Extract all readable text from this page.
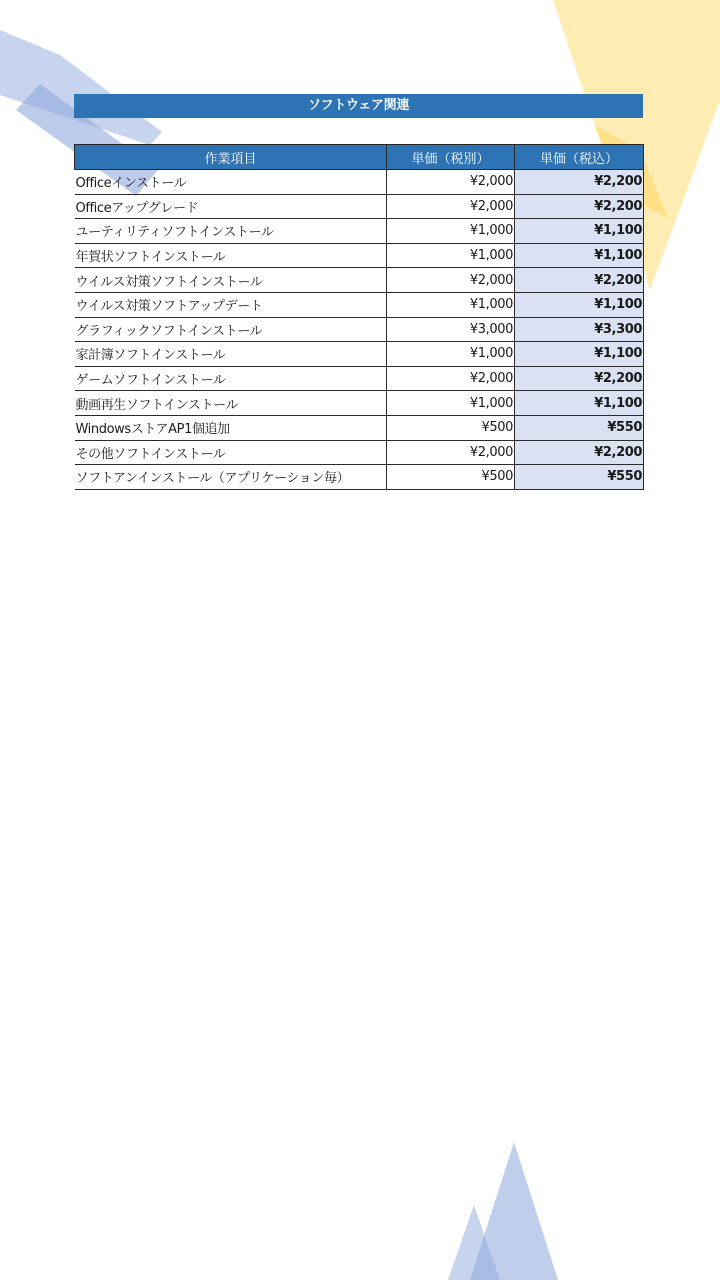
ソフトウェア関連
作業項目	単価（税別）	単価（税込）
Officeインストール	¥2,000	¥2,200
Officeアップグレード	¥2,000	¥2,200
ユーティリティソフトインストール	¥1,000	¥1,100
年賀状ソフトインストール	¥1,000	¥1,100
ウイルス対策ソフトインストール	¥2,000	¥2,200
ウイルス対策ソフトアップデート	¥1,000	¥1,100
グラフィックソフトインストール	¥3,000	¥3,300
家計簿ソフトインストール	¥1,000	¥1,100
ゲームソフトインストール	¥2,000	¥2,200
動画再生ソフトインストール	¥1,000	¥1,100
WindowsストアAP1個追加	¥500	¥550
その他ソフトインストール	¥2,000	¥2,200
ソフトアンインストール（アプリケーション毎）	¥500	¥550
